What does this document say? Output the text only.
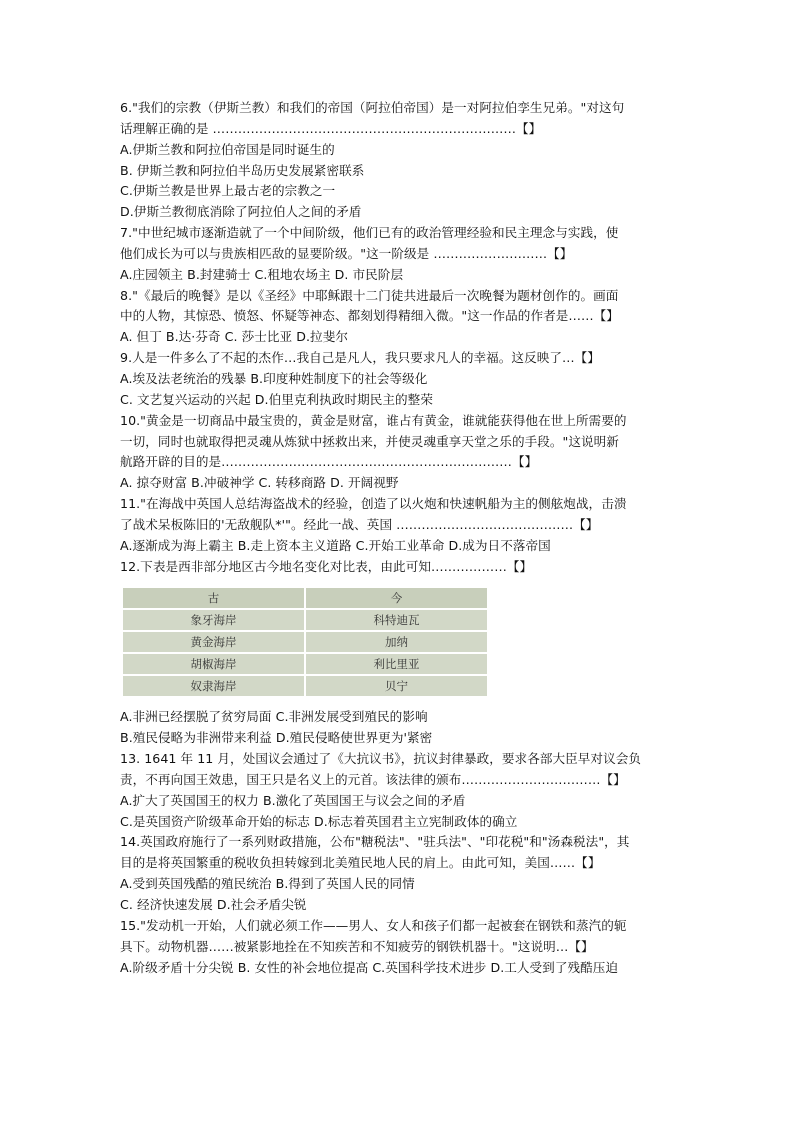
6."我们的宗教（伊斯兰教）和我们的帝国（阿拉伯帝国）是一对阿拉伯孪生兄弟。"对这句
话理解正确的是 ………………………………………………………………【】
A.伊斯兰教和阿拉伯帝国是同时诞生的
B. 伊斯兰教和阿拉伯半岛历史发展紧密联系
C.伊斯兰教是世界上最古老的宗教之一
D.伊斯兰教彻底消除了阿拉伯人之间的矛盾
7."中世纪城市逐渐造就了一个中间阶级，他们已有的政治管理经验和民主理念与实践，使
他们成长为可以与贵族相匹敌的显要阶级。"这一阶级是 ………………………【】
A.庄园领主 B.封建骑士 C.租地农场主 D. 市民阶层
8."《最后的晚餐》是以《圣经》中耶稣跟十二门徒共进最后一次晚餐为题材创作的。画面
中的人物，其惊恐、愤怒、怀疑等神态、都刻划得精细入微。"这一作品的作者是……【】
A. 但丁 B.达·芬奇 C. 莎士比亚 D.拉斐尔
9.人是一件多么了不起的杰作…我自己是凡人，我只要求凡人的幸福。这反映了…【】
A.埃及法老统治的残暴 B.印度种姓制度下的社会等级化
C. 文艺复兴运动的兴起 D.伯里克利执政时期民主的整荣
10."黄金是一切商品中最宝贵的，黄金是财富，谁占有黄金，谁就能获得他在世上所需要的
一切，同时也就取得把灵魂从炼狱中拯救出来，并使灵魂重享天堂之乐的手段。"这说明新
航路开辟的目的是……………………………………………………………【】
A. 掠夺财富 B.冲破神学 C. 转移商路 D. 开阔视野
11."在海战中英国人总结海盗战术的经验，创造了以火炮和快速帆船为主的侧舷炮战，击溃
了战术呆板陈旧的'无敌舰队*'"。经此一战、英国 ……………………………………【】
A.逐渐成为海上霸主 B.走上资本主义道路 C.开始工业革命 D.成为日不落帝国
12.下表是西非部分地区古今地名变化对比表，由此可知………………【】
古	今
象牙海岸	科特迪瓦
黄金海岸	加纳
胡椒海岸	利比里亚
奴隶海岸	贝宁
A.非洲已经摆脱了贫穷局面 C.非洲发展受到殖民的影响
B.殖民侵略为非洲带来利益 D.殖民侵略使世界更为'紧密
13. 1641 年 11 月，处国议会通过了《大抗议书》，抗议封律暴政，要求各部大臣早对议会负
责，不再向国王效患，国王只是名义上的元首。该法律的颁布……………………………【】
A.扩大了英国国王的权力 B.激化了英国国王与议会之间的矛盾
C.是英国资产阶级革命开始的标志 D.标志着英国君主立宪制政体的确立
14.英国政府施行了一系列财政措施，公布"糖税法"、"驻兵法"、"印花税"和"汤森税法"，其
目的是将英国繁重的税收负担转嫁到北美殖民地人民的肩上。由此可知，美国……【】
A.受到英国残酷的殖民统治 B.得到了英国人民的同情
C. 经济快速发展 D.社会矛盾尖锐
15."发动机一开始，人们就必须工作——男人、女人和孩子们都一起被套在钢铁和蒸汽的轭
具下。动物机器……被紧影地拴在不知疾苦和不知疲劳的钢铁机器十。"这说明…【】
A.阶级矛盾十分尖锐 B. 女性的补会地位提高 C.英国科学技术进步 D.工人受到了残酷压迫
